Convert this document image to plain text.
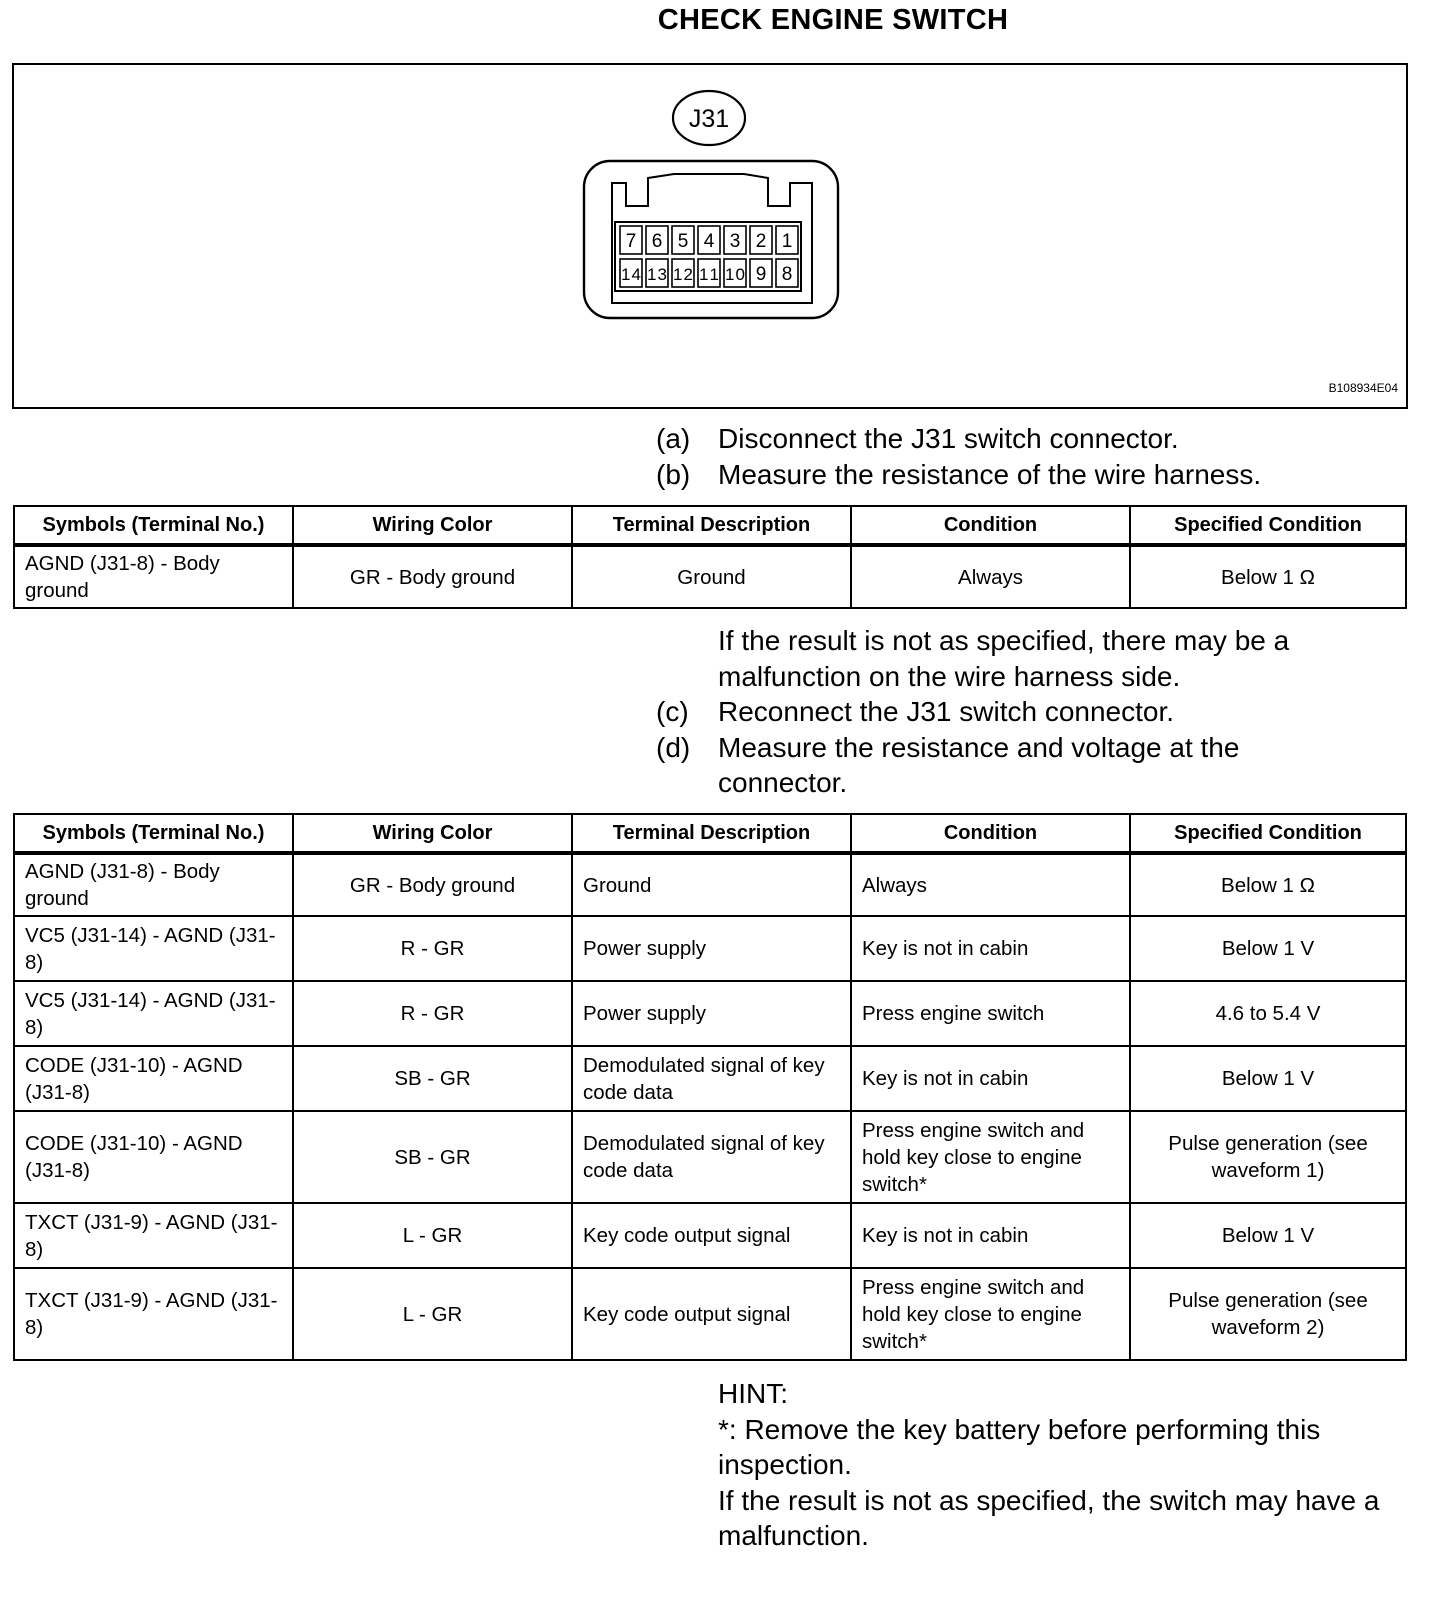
CHECK ENGINE SWITCH
J31
7 6 5 4 3 2 1
14 13 12 11 10 9 8
B108934E04
(a) Disconnect the J31 switch connector.
(b) Measure the resistance of the wire harness.
Symbols (Terminal No.)	Wiring Color	Terminal Description	Condition	Specified Condition
AGND (J31-8) - Body ground	GR - Body ground	Ground	Always	Below 1 Ω
If the result is not as specified, there may be a malfunction on the wire harness side.
(c)	Reconnect the J31 switch connector.
(d) Measure the resistance and voltage at the connector.
Symbols (Terminal No.)	Wiring Color	Terminal Description	Condition	Specified Condition
AGND (J31-8) - Body ground	GR - Body ground	Ground	Always	Below 1 Ω
VC5 (J31-14) - AGND (J31-8)	R - GR	Power supply	Key is not in cabin	Below 1 V
VC5 (J31-14) - AGND (J31-8)	R - GR	Power supply	Press engine switch	4.6 to 5.4 V
CODE (J31-10) - AGND (J31-8)	SB - GR	Demodulated signal of key code data	Key is not in cabin	Below 1 V
CODE (J31-10) - AGND (J31-8)	SB - GR	Demodulated signal of key code data	Press engine switch and hold key close to engine switch*	Pulse generation (see waveform 1)
TXCT (J31-9) - AGND (J31-8)	L - GR	Key code output signal	Key is not in cabin	Below 1 V
TXCT (J31-9) - AGND (J31-8)	L - GR	Key code output signal	Press engine switch and hold key close to engine switch*	Pulse generation (see waveform 2)
HINT:
*: Remove the key battery before performing this inspection.
If the result is not as specified, the switch may have a malfunction.
